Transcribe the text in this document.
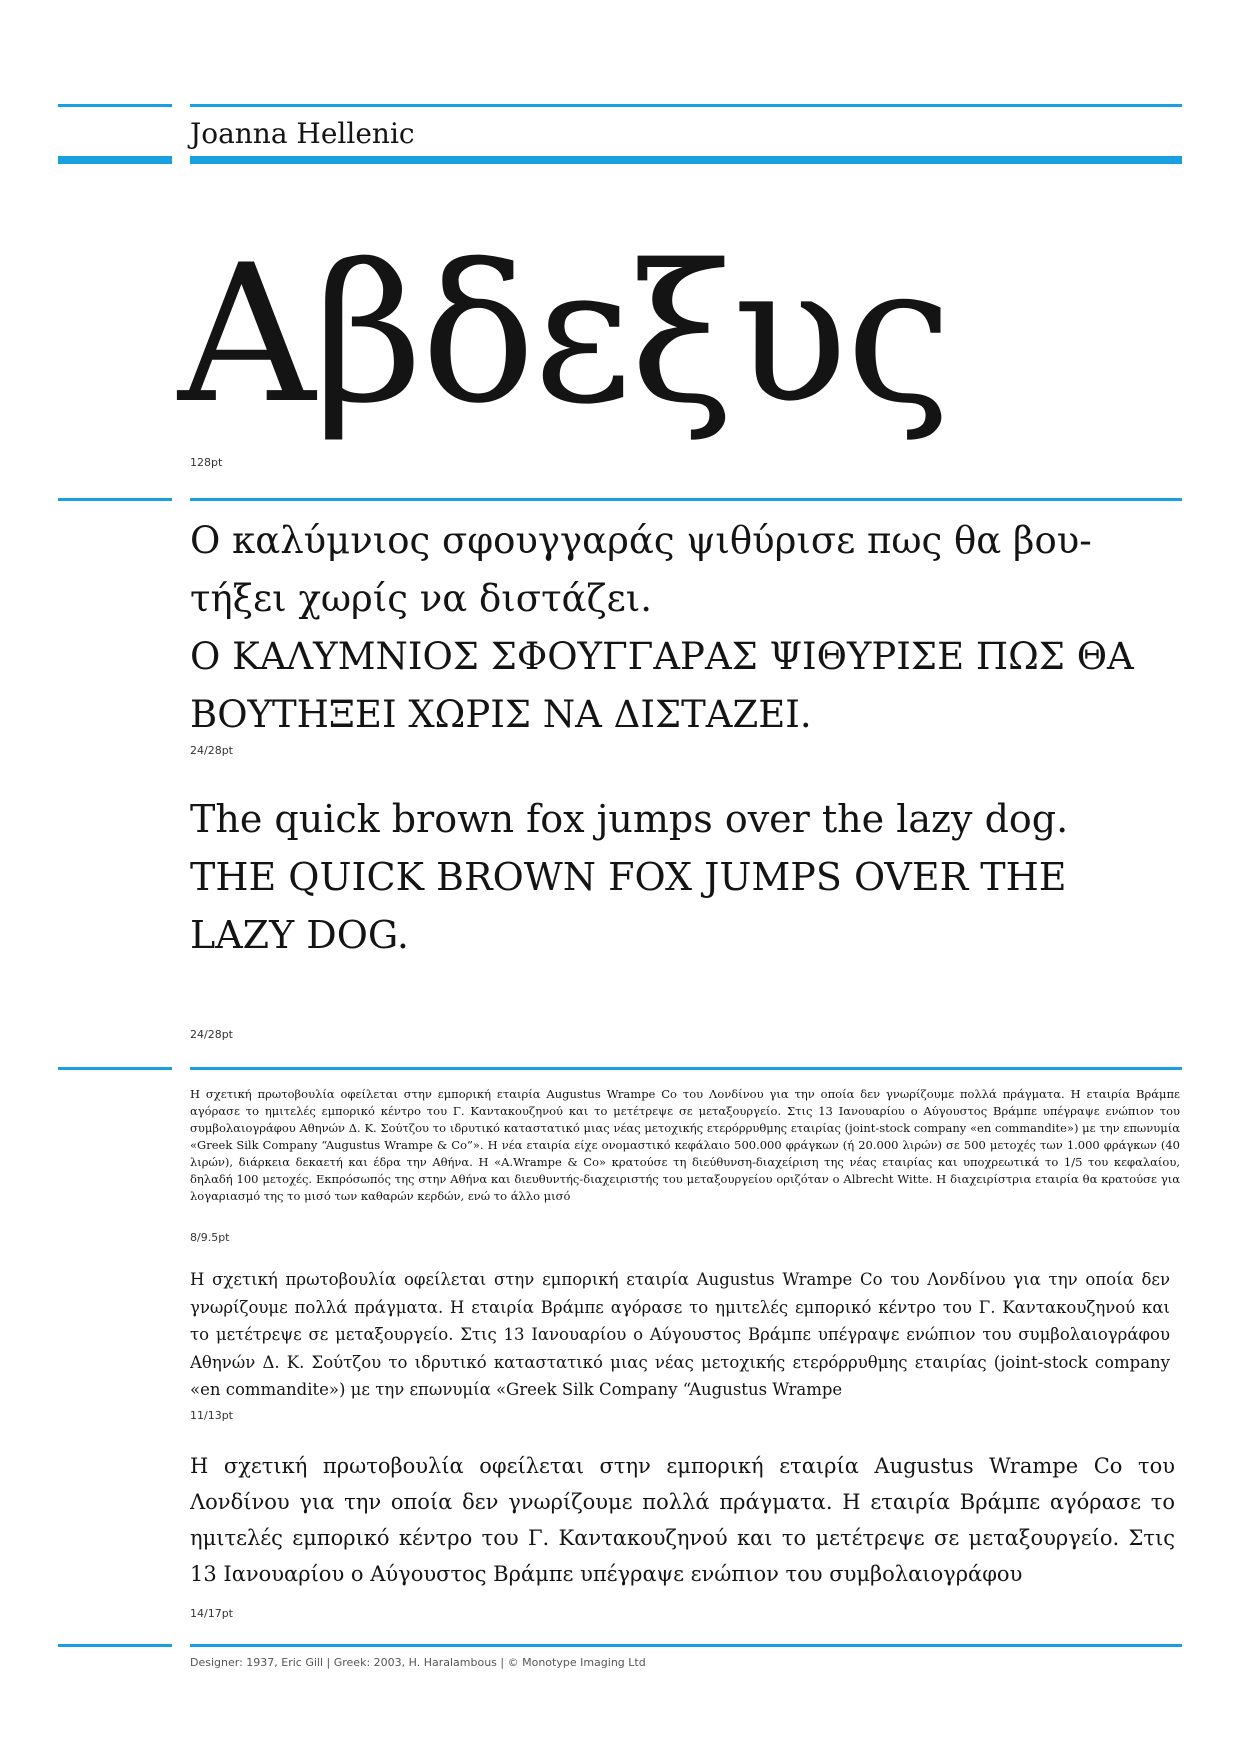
Joanna Hellenic
Αβδεξυς
128pt

Ο καλύμνιος σφουγγαράς ψιθύρισε πως θα βου-τήξει χωρίς να διστάζει.

Ο ΚΑΛΥΜΝΙΟΣ ΣΦΟΥΓΓΑΡΑΣ ΨΙΘΥΡΙΣΕ ΠΩΣ ΘΑ ΒΟΥΤΗΞΕΙ ΧΩΡΙΣ ΝΑ ΔΙΣΤΑΖΕΙ.

24/28pt

The quick brown fox jumps over the lazy dog.

THE QUICK BROWN FOX JUMPS OVER THE LAZY DOG.

24/28pt

Η σχετική πρωτοβουλία οφείλεται στην εμπορική εταιρία Augustus Wrampe Co του Λονδίνου για την οποία δεν γνωρίζουμε πολλά πράγματα. Η εταιρία Βράμπε αγόρασε το ημιτελές εμπορικό κέντρο του Γ. Καντακουζηνού και το μετέτρεψε σε μεταξουργείο. Στις 13 Ιανουαρίου ο Αύγουστος Βράμπε υπέγραψε ενώπιον του συμβολαιογράφου Αθηνών Δ. Κ. Σούτζου το ιδρυτικό καταστατικό μιας νέας μετοχικής ετερόρρυθμης εταιρίας (joint-stock company «en commandite») με την επωνυμία «Greek Silk Company “Augustus Wrampe & Co”». Η νέα εταιρία είχε ονομαστικό κεφάλαιο 500.000 φράγκων (ή 20.000 λιρών) σε 500 μετοχές των 1.000 φράγκων (40 λιρών), διάρκεια δεκαετή και έδρα την Αθήνα. Η «A.Wrampe & Co» κρατούσε τη διεύθυνση-διαχείριση της νέας εταιρίας και υποχρεωτικά το 1/5 του κεφαλαίου, δηλαδή 100 μετοχές. Εκπρόσωπός της στην Αθήνα και διευθυντής-διαχειριστής του μεταξουργείου οριζόταν ο Albrecht Witte. Η διαχειρίστρια εταιρία θα κρατούσε για λογαριασμό της το μισό των καθαρών κερδών, ενώ το άλλο μισό

8/9.5pt

Η σχετική πρωτοβουλία οφείλεται στην εμπορική εταιρία Augustus Wrampe Co του Λονδίνου για την οποία δεν γνωρίζουμε πολλά πράγματα. Η εταιρία Βράμπε αγόρασε το ημιτελές εμπορικό κέντρο του Γ. Καντακουζηνού και το μετέτρεψε σε μεταξουργείο. Στις 13 Ιανουαρίου ο Αύγουστος Βράμπε υπέγραψε ενώπιον του συμβολαιογράφου Αθηνών Δ. Κ. Σούτζου το ιδρυτικό καταστατικό μιας νέας μετοχικής ετερόρρυθμης εταιρίας (joint-stock company «en commandite») με την επωνυμία «Greek Silk Company “Augustus Wrampe

11/13pt

Η σχετική πρωτοβουλία οφείλεται στην εμπορική εταιρία Augustus Wrampe Co του Λονδίνου για την οποία δεν γνωρίζουμε πολλά πράγματα. Η εταιρία Βράμπε αγόρασε το ημιτελές εμπορικό κέντρο του Γ. Καντακουζηνού και το μετέτρεψε σε μεταξουργείο. Στις 13 Ιανουαρίου ο Αύγουστος Βράμπε υπέγραψε ενώπιον του συμβολαιογράφου

14/17pt
Designer: 1937, Eric Gill | Greek: 2003, H. Haralambous | © Monotype Imaging Ltd
